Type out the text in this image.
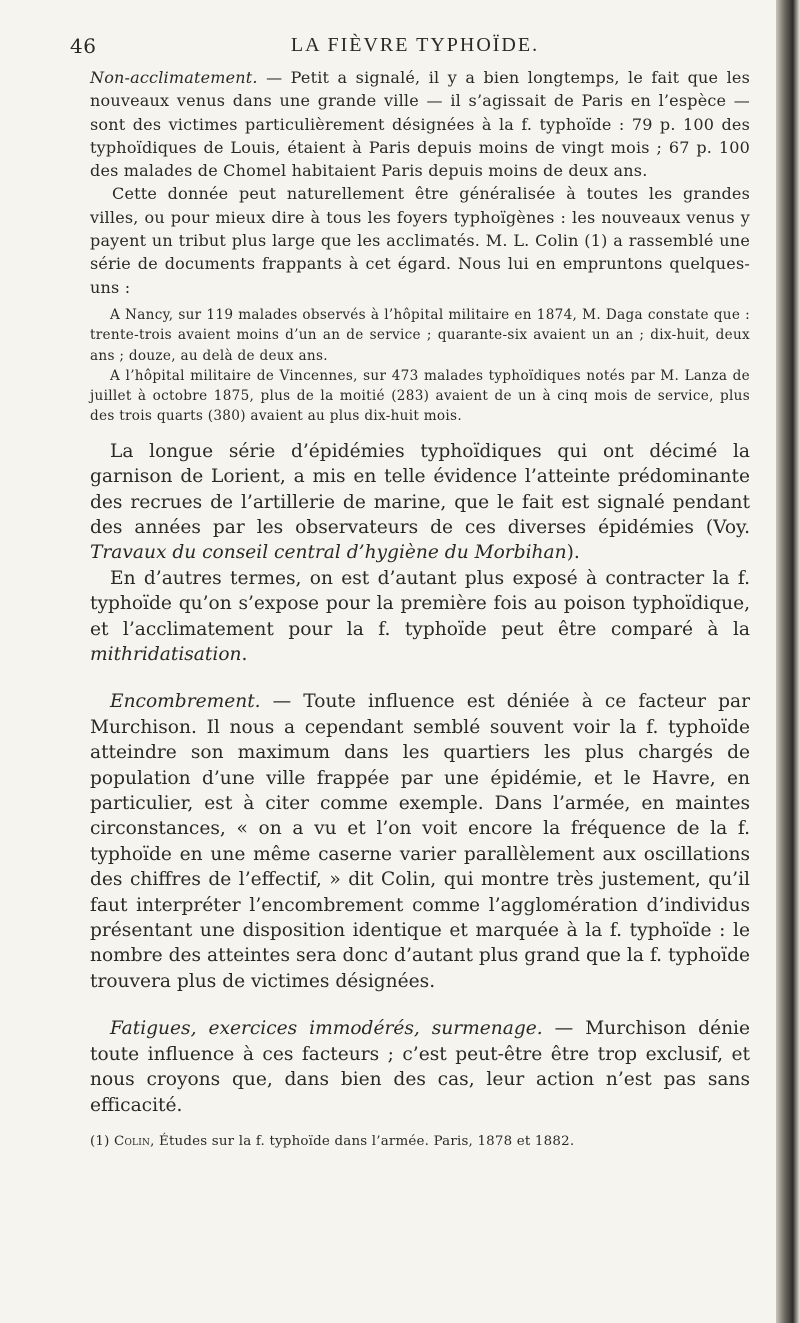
46	LA FIÈVRE TYPHOÏDE.

Non-acclimatement. — Petit a signalé, il y a bien longtemps, le fait que les nouveaux venus dans une grande ville — il s’agissait de Paris en l’espèce — sont des victimes particulièrement désignées à la f. typhoïde : 79 p. 100 des typhoïdiques de Louis, étaient à Paris depuis moins de vingt mois ; 67 p. 100 des malades de Chomel habitaient Paris depuis moins de deux ans.

Cette donnée peut naturellement être généralisée à toutes les grandes villes, ou pour mieux dire à tous les foyers typhoïgènes : les nouveaux venus y payent un tribut plus large que les acclimatés. M. L. Colin (1) a rassemblé une série de documents frappants à cet égard. Nous lui en empruntons quelques-uns :

A Nancy, sur 119 malades observés à l’hôpital militaire en 1874, M. Daga constate que : trente-trois avaient moins d’un an de service ; quarante-six avaient un an ; dix-huit, deux ans ; douze, au delà de deux ans.

A l’hôpital militaire de Vincennes, sur 473 malades typhoïdiques notés par M. Lanza de juillet à octobre 1875, plus de la moitié (283) avaient de un à cinq mois de service, plus des trois quarts (380) avaient au plus dix-huit mois.

La longue série d’épidémies typhoïdiques qui ont décimé la garnison de Lorient, a mis en telle évidence l’atteinte prédominante des recrues de l’artillerie de marine, que le fait est signalé pendant des années par les observateurs de ces diverses épidémies (Voy. Travaux du conseil central d’hygiène du Morbihan).

En d’autres termes, on est d’autant plus exposé à contracter la f. typhoïde qu’on s’expose pour la première fois au poison typhoïdique, et l’acclimatement pour la f. typhoïde peut être comparé à la mithridatisation.

Encombrement. — Toute influence est déniée à ce facteur par Murchison. Il nous a cependant semblé souvent voir la f. typhoïde atteindre son maximum dans les quartiers les plus chargés de population d’une ville frappée par une épidémie, et le Havre, en particulier, est à citer comme exemple. Dans l’armée, en maintes circonstances, « on a vu et l’on voit encore la fréquence de la f. typhoïde en une même caserne varier parallèlement aux oscillations des chiffres de l’effectif, » dit Colin, qui montre très justement, qu’il faut interpréter l’encombrement comme l’agglomération d’individus présentant une disposition identique et marquée à la f. typhoïde : le nombre des atteintes sera donc d’autant plus grand que la f. typhoïde trouvera plus de victimes désignées.

Fatigues, exercices immodérés, surmenage. — Murchison dénie toute influence à ces facteurs ; c’est peut-être être trop exclusif, et nous croyons que, dans bien des cas, leur action n’est pas sans efficacité.

(1) Colin, Études sur la f. typhoïde dans l’armée. Paris, 1878 et 1882.
